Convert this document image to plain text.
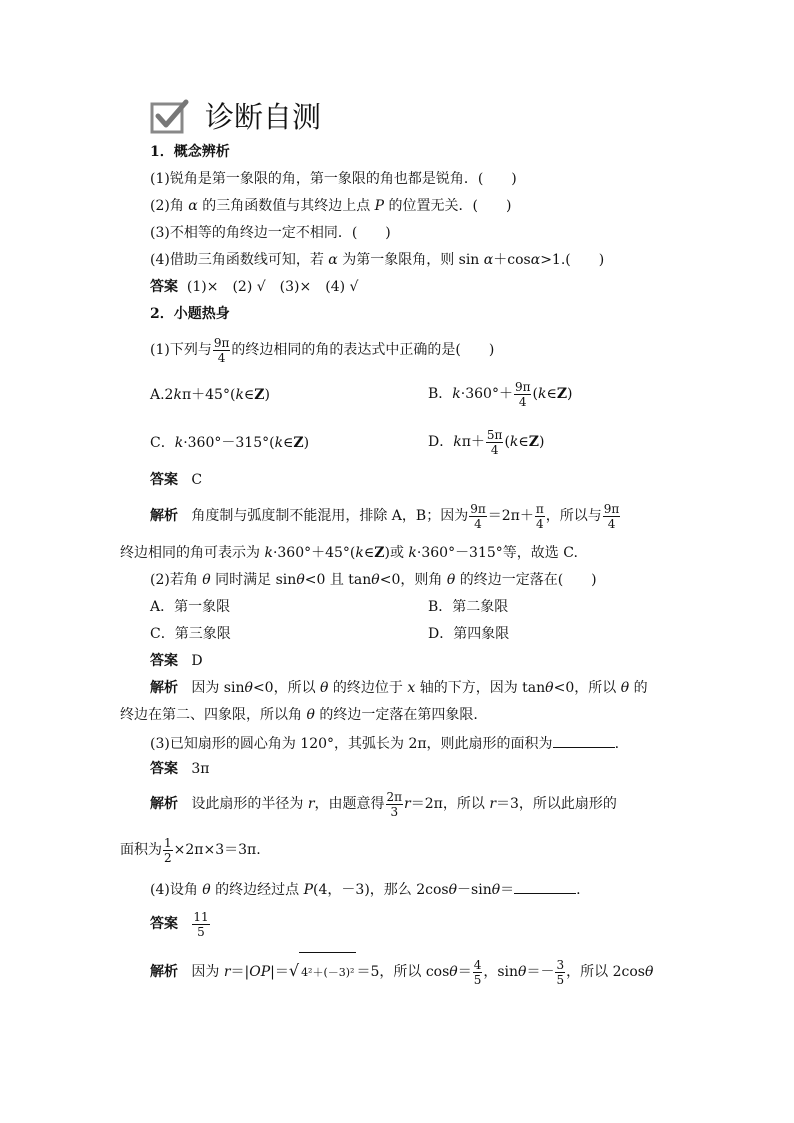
诊断自测
1．概念辨析
(1)锐角是第一象限的角，第一象限的角也都是锐角．(　　)
(2)角 α 的三角函数值与其终边上点 P 的位置无关．(　　)
(3)不相等的角终边一定不相同．(　　)
(4)借助三角函数线可知，若 α 为第一象限角，则 sin α＋cosα>1.(　　)
答案 (1)×　(2) √　(3)×　(4) √
2．小题热身
(1)下列与 $\frac{9\pi}{4}$ 的终边相同的角的表达式中正确的是(　　)
A.2kπ＋45°(k∈Z)	B．$k\cdot 360^\circ+ \frac{9\pi}{4}$ (k∈Z)
C．k·360°－315°(k∈Z)	D．$k\pi+ \frac{5\pi}{4}$ (k∈Z)
答案 C
解析 角度制与弧度制不能混用，排除 A，B；因为 $\frac{9\pi}{4} =2\pi+ \frac{\pi}{4}$ ，所以与 $\frac{9\pi}{4}$
终边相同的角可表示为 k·360°＋45°(k∈Z)或 k·360°－315°等，故选 C.
(2)若角 θ 同时满足 sinθ<0 且 tanθ<0，则角 θ 的终边一定落在(　　)
A．第一象限	B．第二象限
C．第三象限	D．第四象限
答案 D
解析 因为 sinθ<0，所以 θ 的终边位于 x 轴的下方，因为 tanθ<0，所以 θ 的
终边在第二、四象限，所以角 θ 的终边一定落在第四象限.
(3)已知扇形的圆心角为 120°，其弧长为 2π，则此扇形的面积为	.
答案 3π
解析 设此扇形的半径为 r，由题意得 $\frac{2\pi}{3} r=2\pi$，所以 r＝3，所以此扇形的
面积为 $\frac{1}{2} \times 2\pi\times 3=3\pi$.
(4)设角 θ 的终边经过点 P(4，－3)，那么 2cosθ－sinθ＝	.
答案 $\frac{11}{5}$
解析 因为 r＝|OP|＝√ 4²＋(－3)² ＝5，所以 $\cos\theta= \frac{4}{5}$ ，$\sin\theta=- \frac{3}{5}$ ，所以 2cosθ
